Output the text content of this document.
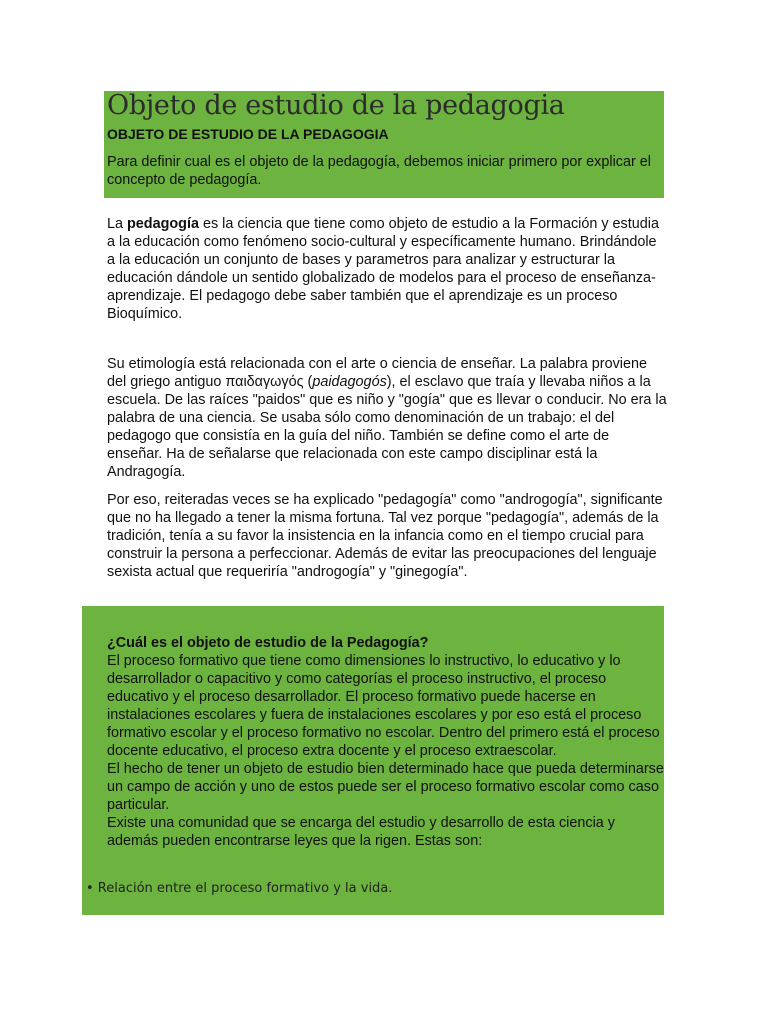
Objeto de estudio de la pedagogia
OBJETO DE ESTUDIO DE LA PEDAGOGIA
Para definir cual es el objeto de la pedagogía, debemos iniciar primero por explicar el concepto de pedagogía.
La pedagogía es la ciencia que tiene como objeto de estudio a la Formación y estudia a la educación como fenómeno socio-cultural y específicamente humano. Brindándole a la educación un conjunto de bases y parametros para analizar y estructurar la educación dándole un sentido globalizado de modelos para el proceso de enseñanza-aprendizaje. El pedagogo debe saber también que el aprendizaje es un proceso Bioquímico.
Su etimología está relacionada con el arte o ciencia de enseñar. La palabra proviene del griego antiguo παιδαγωγός (paidagogós), el esclavo que traía y llevaba niños a la escuela. De las raíces "paidos" que es niño y "gogía" que es llevar o conducir. No era la palabra de una ciencia. Se usaba sólo como denominación de un trabajo: el del pedagogo que consistía en la guía del niño. También se define como el arte de enseñar. Ha de señalarse que relacionada con este campo disciplinar está la Andragogía.
Por eso, reiteradas veces se ha explicado "pedagogía" como "androgogía", significante que no ha llegado a tener la misma fortuna. Tal vez porque "pedagogía", además de la tradición, tenía a su favor la insistencia en la infancia como en el tiempo crucial para construir la persona a perfeccionar. Además de evitar las preocupaciones del lenguaje sexista actual que requeriría "androgogía" y "ginegogía".
¿Cuál es el objeto de estudio de la Pedagogía?
El proceso formativo que tiene como dimensiones lo instructivo, lo educativo y lo desarrollador o capacitivo y como categorías el proceso instructivo, el proceso educativo y el proceso desarrollador. El proceso formativo puede hacerse en instalaciones escolares y fuera de instalaciones escolares y por eso está el proceso formativo escolar y el proceso formativo no escolar. Dentro del primero está el proceso docente educativo, el proceso extra docente y el proceso extraescolar.
El hecho de tener un objeto de estudio bien determinado hace que pueda determinarse un campo de acción y uno de estos puede ser el proceso formativo escolar como caso particular.
Existe una comunidad que se encarga del estudio y desarrollo de esta ciencia y además pueden encontrarse leyes que la rigen. Estas son:
• Relación entre el proceso formativo y la vida.
